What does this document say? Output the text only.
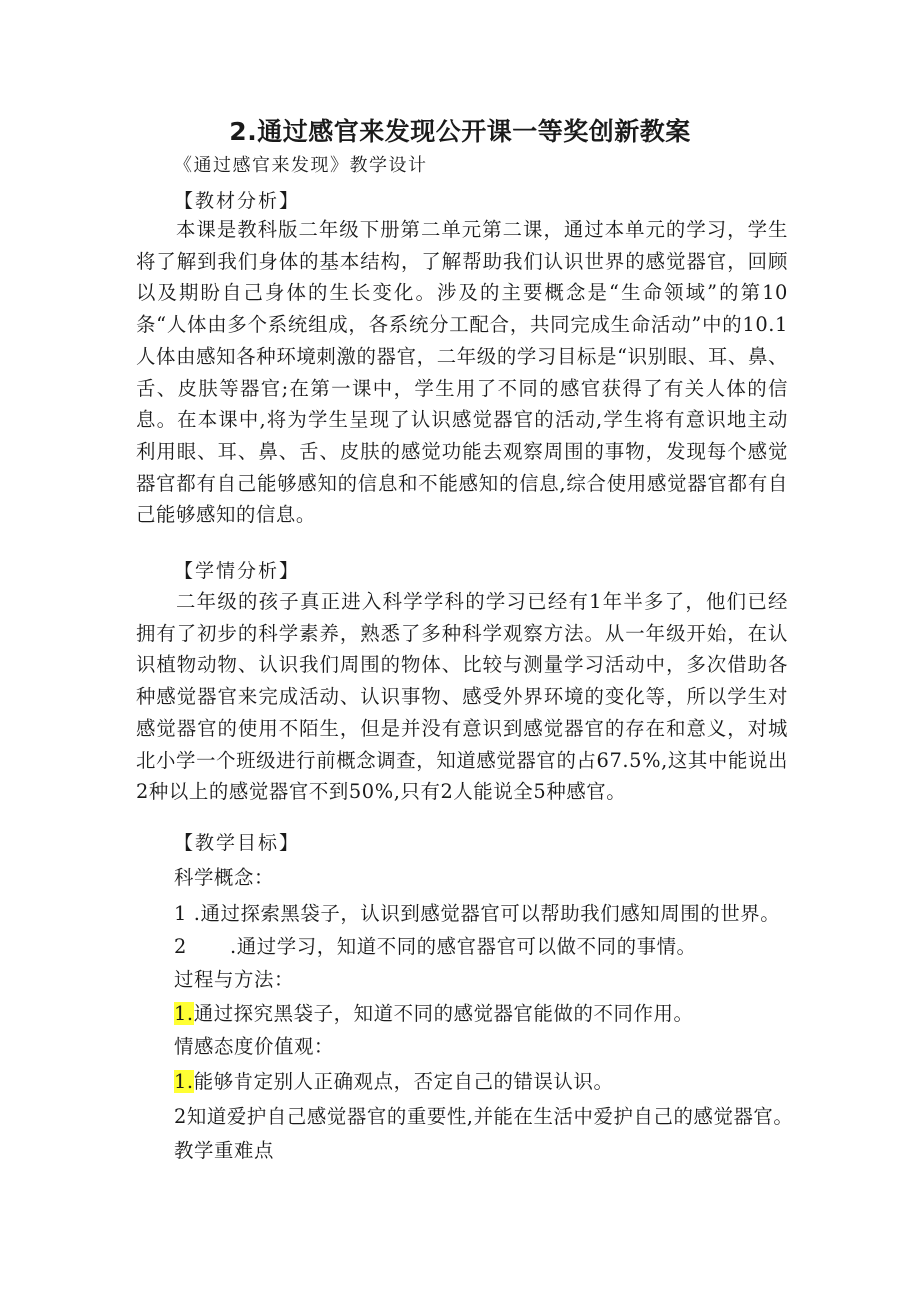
2.通过感官来发现公开课一等奖创新教案

《通过感官来发现》教学设计

【教材分析】

本课是教科版二年级下册第二单元第二课，通过本单元的学习，学生将了解到我们身体的基本结构，了解帮助我们认识世界的感觉器官，回顾以及期盼自己身体的生长变化。涉及的主要概念是“生命领域”的第10条“人体由多个系统组成，各系统分工配合，共同完成生命活动”中的10.1人体由感知各种环境刺激的器官，二年级的学习目标是“识别眼、耳、鼻、舌、皮肤等器官;在第一课中，学生用了不同的感官获得了有关人体的信息。在本课中,将为学生呈现了认识感觉器官的活动,学生将有意识地主动利用眼、耳、鼻、舌、皮肤的感觉功能去观察周围的事物，发现每个感觉器官都有自己能够感知的信息和不能感知的信息,综合使用感觉器官都有自己能够感知的信息。

【学情分析】

二年级的孩子真正进入科学学科的学习已经有1年半多了，他们已经拥有了初步的科学素养，熟悉了多种科学观察方法。从一年级开始，在认识植物动物、认识我们周围的物体、比较与测量学习活动中，多次借助各种感觉器官来完成活动、认识事物、感受外界环境的变化等，所以学生对感觉器官的使用不陌生，但是并没有意识到感觉器官的存在和意义，对城北小学一个班级进行前概念调查，知道感觉器官的占67.5%,这其中能说出2种以上的感觉器官不到50%,只有2人能说全5种感官。

【教学目标】

科学概念：

1 .通过探索黑袋子，认识到感觉器官可以帮助我们感知周围的世界。

2 .通过学习，知道不同的感官器官可以做不同的事情。

过程与方法：

1.通过探究黑袋子，知道不同的感觉器官能做的不同作用。

情感态度价值观：

1.能够肯定别人正确观点，否定自己的错误认识。

2知道爱护自己感觉器官的重要性,并能在生活中爱护自己的感觉器官。

教学重难点
